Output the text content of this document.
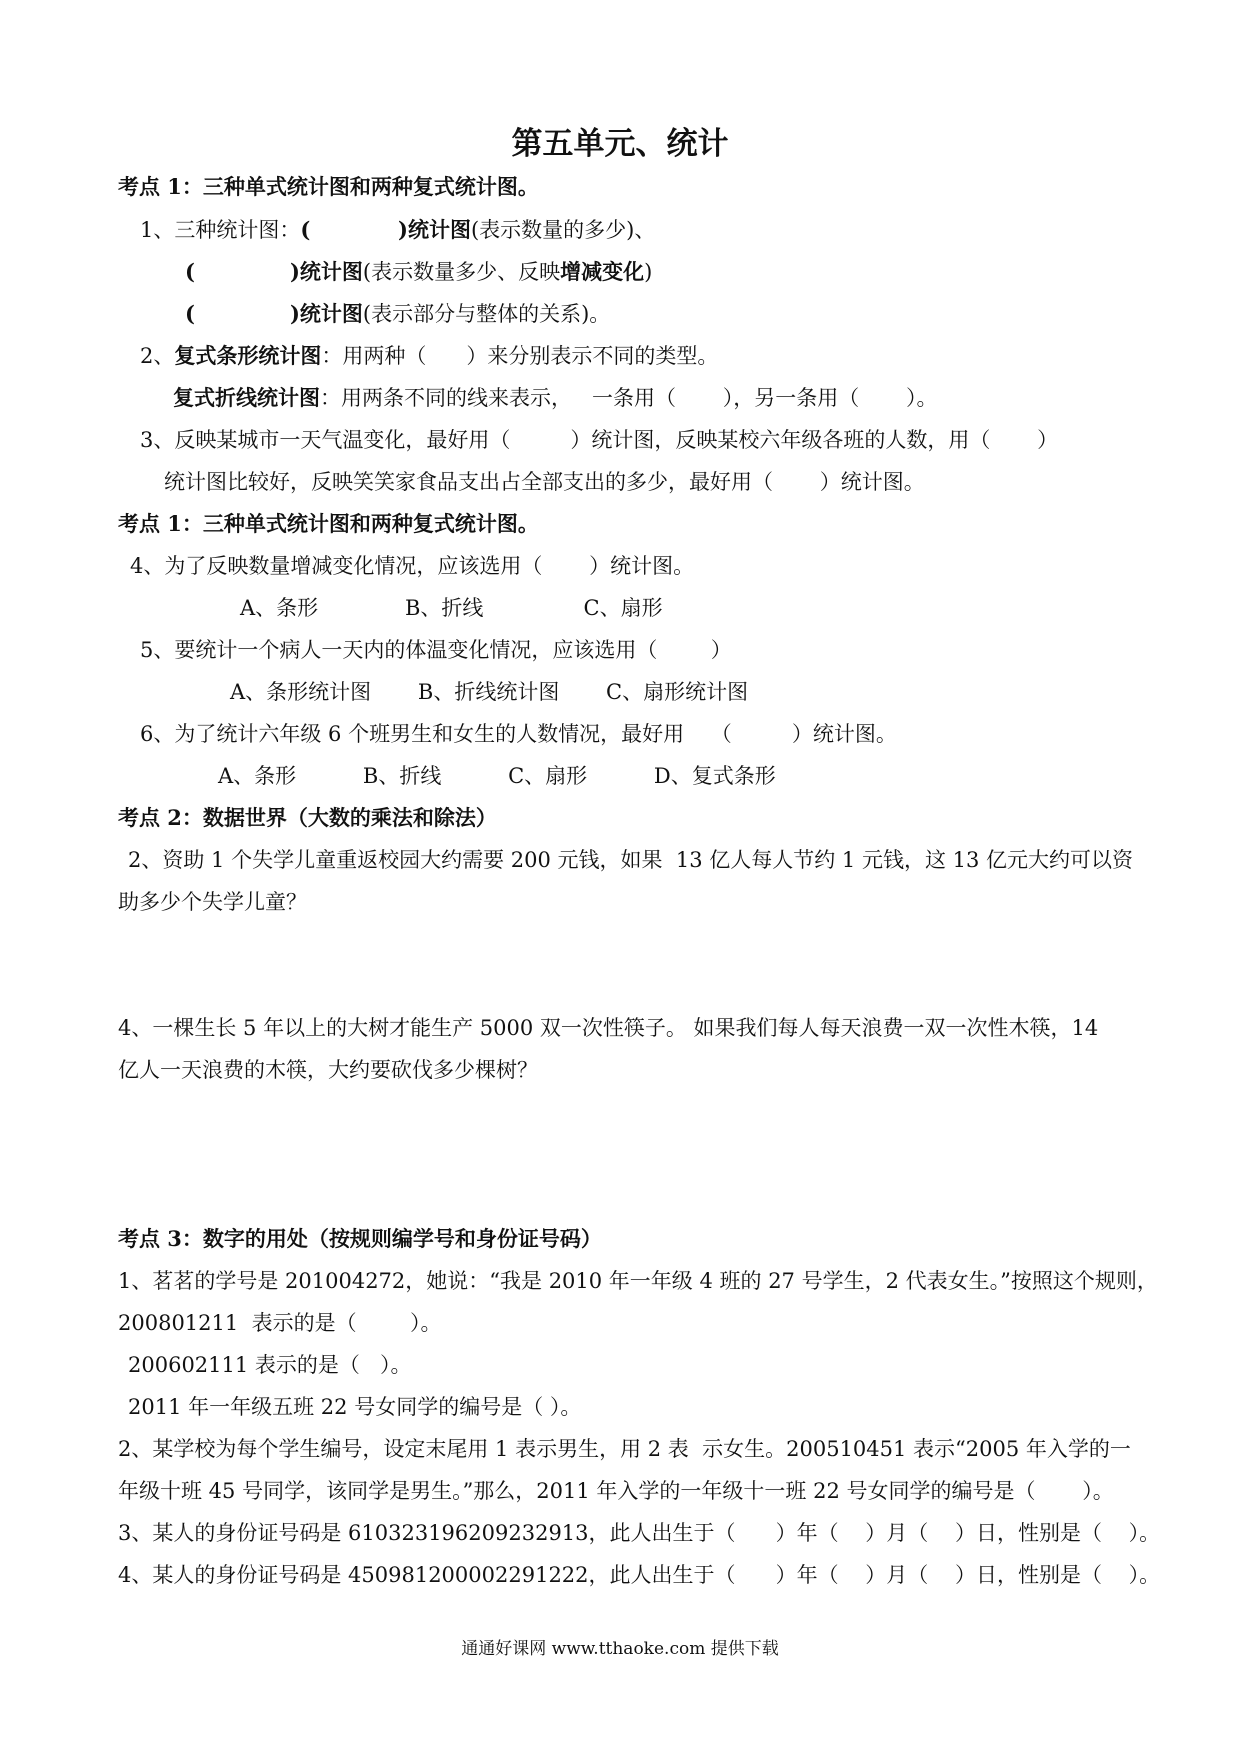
第五单元、统计
考点 1：三种单式统计图和两种复式统计图。
1、三种统计图：(            )统计图(表示数量的多少)、
(             )统计图(表示数量多少、反映增减变化)
(             )统计图(表示部分与整体的关系)。
2、复式条形统计图：用两种（      ）来分别表示不同的类型。
复式折线统计图：用两条不同的线来表示，   一条用（       ），另一条用（       ）。
3、反映某城市一天气温变化，最好用（         ）统计图，反映某校六年级各班的人数，用（       ）
统计图比较好，反映笑笑家食品支出占全部支出的多少，最好用（       ）统计图。
考点 1：三种单式统计图和两种复式统计图。
4、为了反映数量增减变化情况，应该选用（       ）统计图。
A、条形             B、折线               C、扇形
5、要统计一个病人一天内的体温变化情况，应该选用（        ）
A、条形统计图       B、折线统计图       C、扇形统计图
6、为了统计六年级 6 个班男生和女生的人数情况，最好用    （         ）统计图。
A、条形          B、折线          C、扇形          D、复式条形
考点 2：数据世界（大数的乘法和除法）
2、资助 1 个失学儿童重返校园大约需要 200 元钱，如果  13 亿人每人节约 1 元钱，这 13 亿元大约可以资
助多少个失学儿童？
4、一棵生长 5 年以上的大树才能生产 5000 双一次性筷子。 如果我们每人每天浪费一双一次性木筷，14
亿人一天浪费的木筷，大约要砍伐多少棵树？
考点 3：数字的用处（按规则编学号和身份证号码）
1、茗茗的学号是 201004272，她说：“我是 2010 年一年级 4 班的 27 号学生，2 代表女生。”按照这个规则，
200801211  表示的是（        ）。
200602111 表示的是（   ）。
2011 年一年级五班 22 号女同学的编号是（ ）。
2、某学校为每个学生编号，设定末尾用 1 表示男生，用 2 表  示女生。200510451 表示“2005 年入学的一
年级十班 45 号同学，该同学是男生。”那么，2011 年入学的一年级十一班 22 号女同学的编号是（       ）。
3、某人的身份证号码是 610323196209232913，此人出生于（      ）年（    ）月（    ）日，性别是（    ）。
4、某人的身份证号码是 450981200002291222，此人出生于（      ）年（    ）月（    ）日，性别是（    ）。
通通好课网 www.tthaoke.com 提供下载
